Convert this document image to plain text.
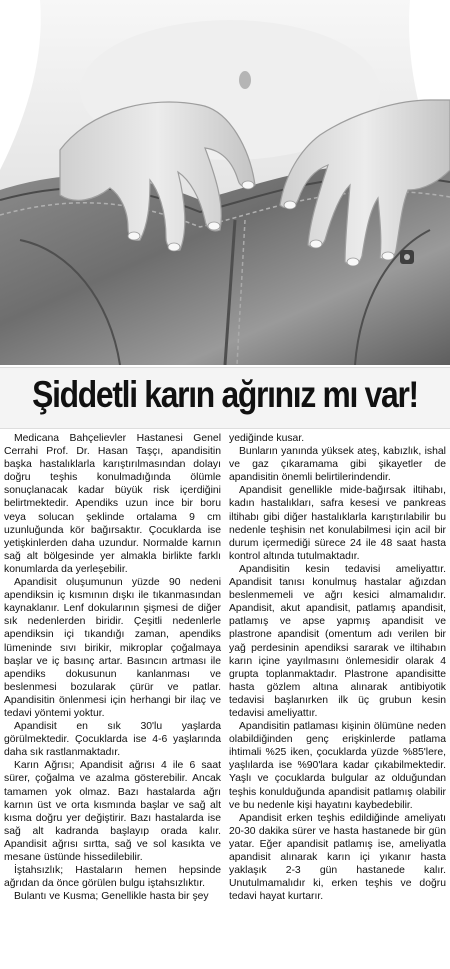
Şiddetli karın ağrınız mı var!

Medicana Bahçelievler Hastanesi Genel Cerrahi Prof. Dr. Hasan Taşçı, apandisitin başka hastalıklarla karıştırılmasından dolayı doğru teşhis konulmadığında ölümle sonuçlanacak kadar büyük risk içerdiğini belirtmektedir. Apendiks uzun ince bir boru veya solucan şeklinde ortalama 9 cm uzunluğunda kör bağırsaktır. Çocuklarda ise yetişkinlerden daha uzundur. Normalde karnın sağ alt bölgesinde yer almakla birlikte farklı konumlarda da yerleşebilir.

Apandisit oluşumunun yüzde 90 nedeni apendiksin iç kısmının dışkı ile tıkanmasından kaynaklanır. Lenf dokularının şişmesi de diğer sık nedenlerden biridir. Çeşitli nedenlerle apendiksin içi tıkandığı zaman, apendiks lümeninde sıvı birikir, mikroplar çoğalmaya başlar ve iç basınç artar. Basıncın artması ile apendiks dokusunun kanlanması ve beslenmesi bozularak çürür ve patlar. Apandisitin önlenmesi için herhangi bir ilaç ve tedavi yöntemi yoktur.

Apandisit en sık 30'lu yaşlarda görülmektedir. Çocuklarda ise 4-6 yaşlarında daha sık rastlanmaktadır.

Karın Ağrısı; Apandisit ağrısı 4 ile 6 saat sürer, çoğalma ve azalma gösterebilir. Ancak tamamen yok olmaz. Bazı hastalarda ağrı karnın üst ve orta kısmında başlar ve sağ alt kısma doğru yer değiştirir. Bazı hastalarda ise sağ alt kadranda başlayıp orada kalır. Apandisit ağrısı sırtta, sağ ve sol kasıkta ve mesane üstünde hissedilebilir.

İştahsızlık; Hastaların hemen hepsinde ağrıdan da önce görülen bulgu iştahsızlıktır.

Bulantı ve Kusma; Genellikle hasta bir şey

yediğinde kusar.

Bunların yanında yüksek ateş, kabızlık, ishal ve gaz çıkaramama gibi şikayetler de apandisitin önemli belirtilerindendir.

Apandisit genellikle mide-bağırsak iltihabı, kadın hastalıkları, safra kesesi ve pankreas iltihabı gibi diğer hastalıklarla karıştırılabilir bu nedenle teşhisin net konulabilmesi için acil bir durum içermediği sürece 24 ile 48 saat hasta kontrol altında tutulmaktadır.

Apandisitin kesin tedavisi ameliyattır. Apandisit tanısı konulmuş hastalar ağızdan beslenmemeli ve ağrı kesici almamalıdır. Apandisit, akut apandisit, patlamış apandisit, patlamış ve apse yapmış apandisit ve plastrone apandisit (omentum adı verilen bir yağ perdesinin apendiksi sararak ve iltihabın karın içine yayılmasını önlemesidir olarak 4 grupta toplanmaktadır. Plastrone apandisitte hasta gözlem altına alınarak antibiyotik tedavisi başlanırken ilk üç grubun kesin tedavisi ameliyattır.

Apandisitin patlaması kişinin ölümüne neden olabildiğinden genç erişkinlerde patlama ihtimali %25 iken, çocuklarda yüzde %85'lere, yaşlılarda ise %90'lara kadar çıkabilmektedir. Yaşlı ve çocuklarda bulgular az olduğundan teşhis konulduğunda apandisit patlamış olabilir ve bu nedenle kişi hayatını kaybedebilir.

Apandisit erken teşhis edildiğinde ameliyatı 20-30 dakika sürer ve hasta hastanede bir gün yatar. Eğer apandisit patlamış ise, ameliyatla apandisit alınarak karın içi yıkanır hasta yaklaşık 2-3 gün hastanede kalır. Unutulmamalıdır ki, erken teşhis ve doğru tedavi hayat kurtarır.
